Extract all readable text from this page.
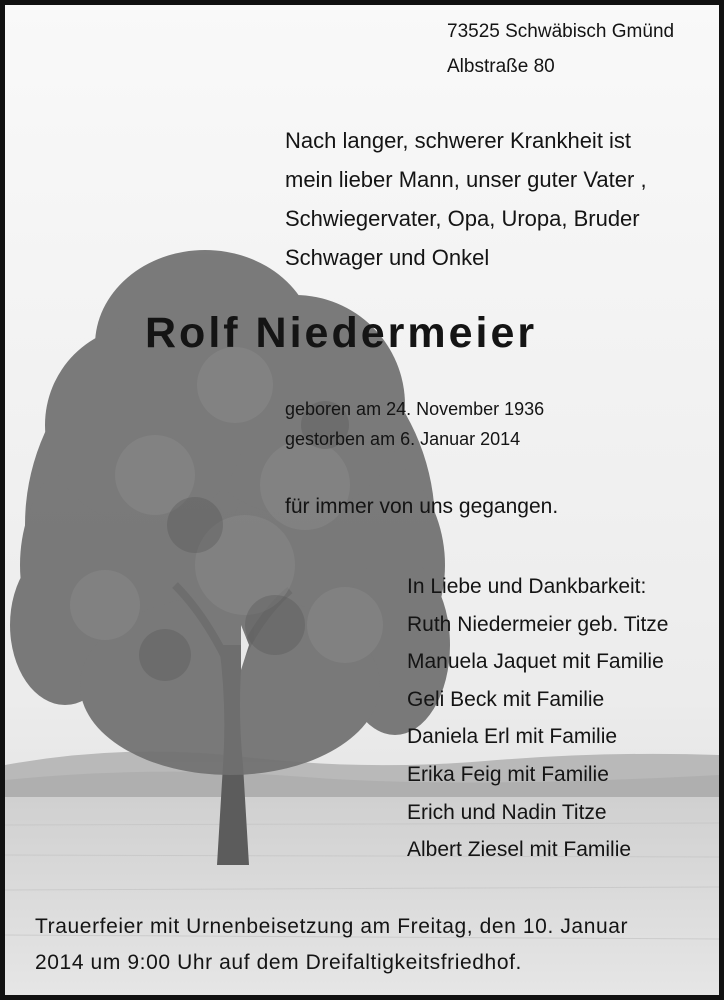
73525 Schwäbisch Gmünd
Albstraße 80
Nach langer, schwerer Krankheit ist
mein lieber Mann, unser guter Vater ,
Schwiegervater, Opa, Uropa, Bruder
Schwager und Onkel
Rolf Niedermeier
geboren am 24. November 1936
gestorben am 6. Januar 2014
für immer von uns gegangen.
In Liebe und Dankbarkeit:
Ruth Niedermeier geb. Titze
Manuela Jaquet mit Familie
Geli Beck mit Familie
Daniela Erl mit Familie
Erika Feig mit Familie
Erich und Nadin Titze
Albert Ziesel mit Familie
Trauerfeier mit Urnenbeisetzung am Freitag, den 10. Januar
2014 um 9:00 Uhr auf dem Dreifaltigkeitsfriedhof.
